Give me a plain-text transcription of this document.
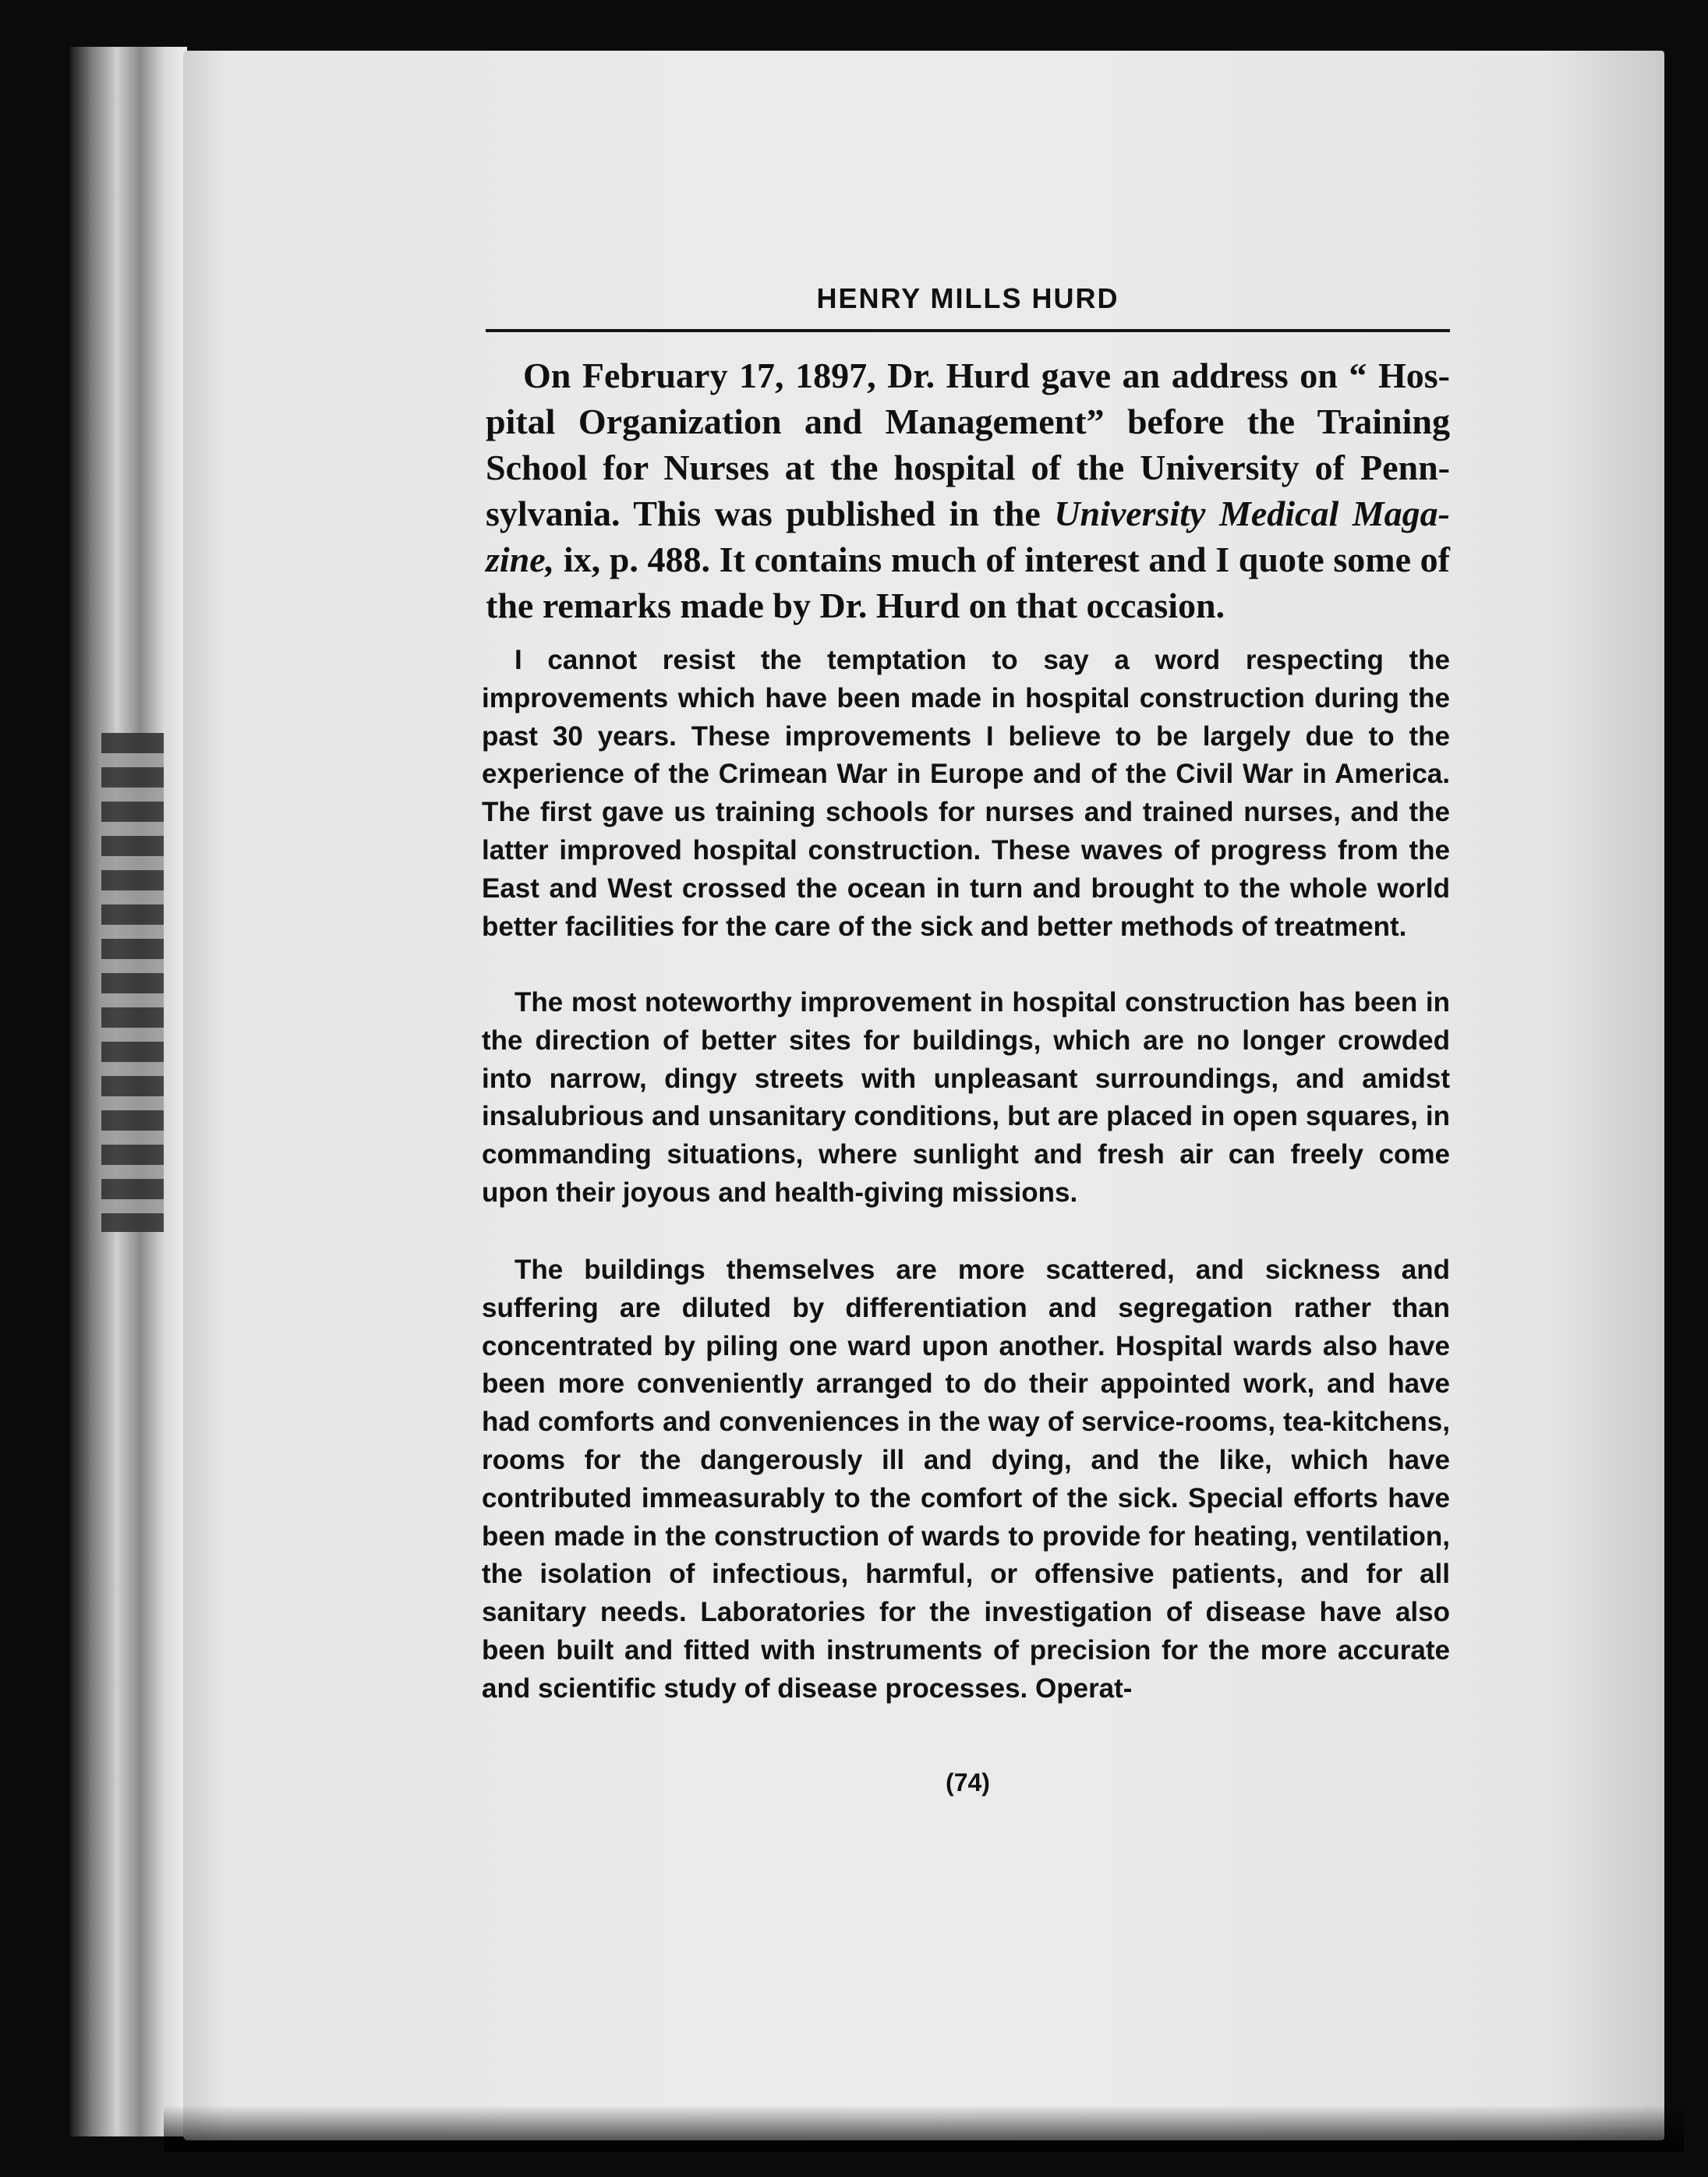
HENRY MILLS HURD

On February 17, 1897, Dr. Hurd gave an address on “ Hospital Organization and Management” before the Training School for Nurses at the hospital of the University of Pennsylvania. This was published in the University Medical Magazine, ix, p. 488. It contains much of interest and I quote some of the remarks made by Dr. Hurd on that occasion.

I cannot resist the temptation to say a word respecting the improvements which have been made in hospital construction during the past 30 years. These improvements I believe to be largely due to the experience of the Crimean War in Europe and of the Civil War in America. The first gave us training schools for nurses and trained nurses, and the latter improved hospital construction. These waves of progress from the East and West crossed the ocean in turn and brought to the whole world better facilities for the care of the sick and better methods of treatment.

The most noteworthy improvement in hospital construction has been in the direction of better sites for buildings, which are no longer crowded into narrow, dingy streets with unpleasant surroundings, and amidst insalubrious and unsanitary conditions, but are placed in open squares, in commanding situations, where sunlight and fresh air can freely come upon their joyous and health-giving missions.

The buildings themselves are more scattered, and sickness and suffering are diluted by differentiation and segregation rather than concentrated by piling one ward upon another. Hospital wards also have been more conveniently arranged to do their appointed work, and have had comforts and conveniences in the way of service-rooms, tea-kitchens, rooms for the dangerously ill and dying, and the like, which have contributed immeasurably to the comfort of the sick. Special efforts have been made in the construction of wards to provide for heating, ventilation, the isolation of infectious, harmful, or offensive patients, and for all sanitary needs. Laboratories for the investigation of disease have also been built and fitted with instruments of precision for the more accurate and scientific study of disease processes. Operat-

(74)
